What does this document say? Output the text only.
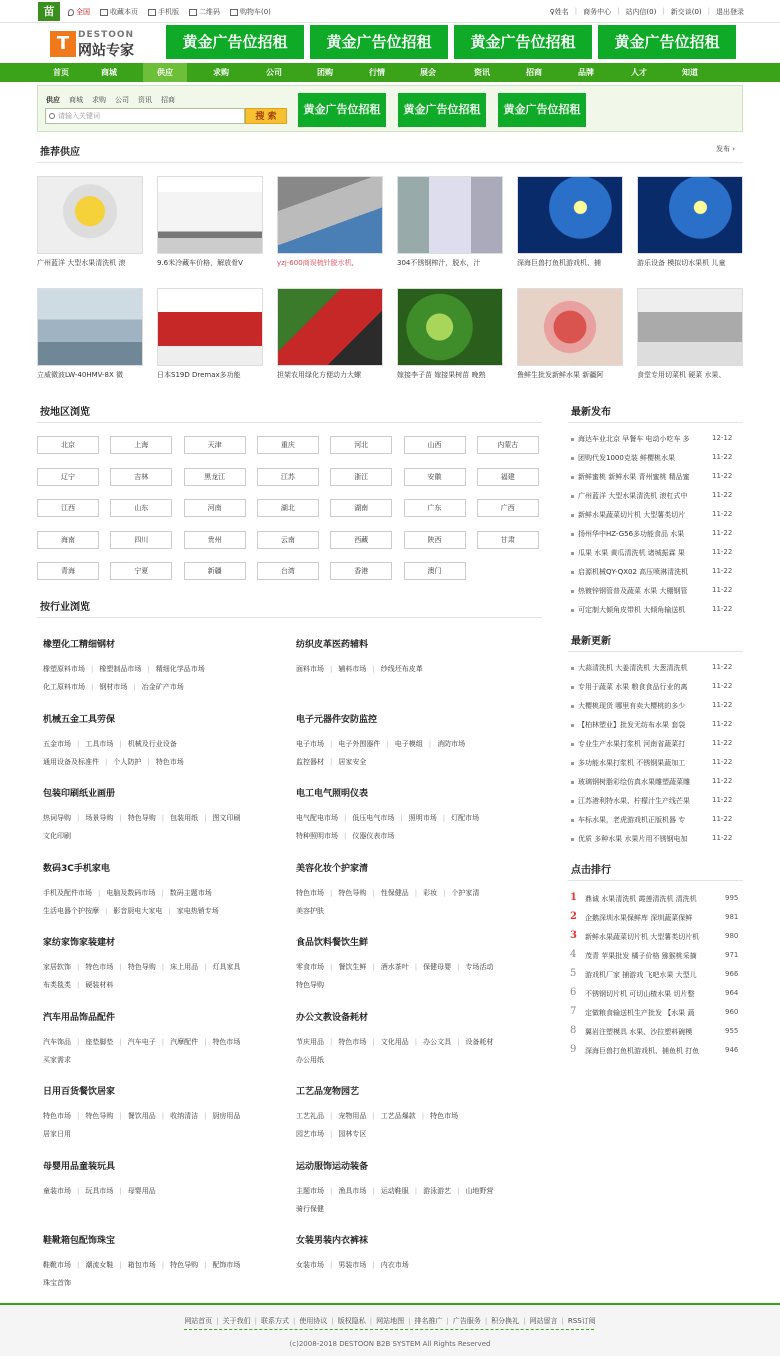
苗	全国	收藏本页	手机版	二维码	购物车(0)	♀姓名 | 商务中心 | 站内信(0) | 新交谈(0) | 退出登录
T DESTOON
网站专家	黄金广告位招租	黄金广告位招租	黄金广告位招租	黄金广告位招租
首页	商城	供应	求购	公司	团购	行情	展会	资讯	招商	品牌	人才	知道
供应 商城 求购 公司 资讯 招商
请输入关键词	搜 索
黄金广告位招租	黄金广告位招租	黄金广告位招租
推荐供应	发布 ›
广州蓝洋 大型水果清洗机 滚	9.6米冷藏车价格，解放骨V	yzj-600商误梳针脱水机,	304不锈钢榨汁，脱水，汁	深海巨兽打鱼机游戏机、捕	游乐设备 模拟切水果机 儿童
立威微波LW-40HMV-8X 微	日本S19D Dremax多功能	担架农用绿化方便动力大螺	嫁接李子苗 嫁接果树苗 晚熟	鲁鲜生批发新鲜水果 新疆阿	食堂专用切菜机 硬菜 水果、
按地区浏览
北京	上海	天津	重庆	河北	山西	内蒙古
辽宁	吉林	黑龙江	江苏	浙江	安徽	福建
江西	山东	河南	湖北	湖南	广东	广西
海南	四川	贵州	云南	西藏	陕西	甘肃
青海	宁夏	新疆	台湾	香港	澳门
按行业浏览
橡塑化工精细钢材
橡塑原料市场 | 橡塑制品市场 | 精细化学品市场
化工原料市场 | 钢材市场 | 冶金矿产市场
纺织皮革医药辅料
面料市场 | 辅料市场 | 纱线坯布皮革
机械五金工具劳保
五金市场 | 工具市场 | 机械及行业设备
通用设备及标准件 | 个人防护 | 特色市场
电子元器件安防监控
电子市场 | 电子外围器件 | 电子模组 | 消防市场
监控器材 | 居家安全
包装印刷纸业画册
热词导购 | 场景导购 | 特色导购 | 包装用纸 | 图文印刷
文化印刷
电工电气照明仪表
电气配电市场 | 低压电气市场 | 照明市场 | 灯配市场
特种照明市场 | 仪器仪表市场
数码3C手机家电
手机及配件市场 | 电脑及数码市场 | 数码主题市场
生活电器个护按摩 | 影音厨电大家电 | 家电热销专场
美容化妆个护家清
特色市场 | 特色导购 | 性保健品 | 彩妆 | 个护家清
美容护肤
家纺家饰家装建材
家居软饰 | 特色市场 | 特色导购 | 床上用品 | 灯具家具
布类毯类 | 硬装材料
食品饮料餐饮生鲜
零食市场 | 餐饮生鲜 | 酒水茶叶 | 保健母婴 | 专场活动
特色导购
汽车用品饰品配件
汽车饰品 | 座垫脚垫 | 汽车电子 | 汽摩配件 | 特色市场
买家需求
办公文教设备耗材
节庆用品 | 特色市场 | 文化用品 | 办公文具 | 设备耗材
办公用纸
日用百货餐饮居家
特色市场 | 特色导购 | 餐饮用品 | 收纳清洁 | 厨房用品
居家日用
工艺品宠物园艺
工艺礼品 | 宠物用品 | 工艺品爆款 | 特色市场
园艺市场 | 园林专区
母婴用品童装玩具
童装市场 | 玩具市场 | 母婴用品
运动服饰运动装备
主题市场 | 渔具市场 | 运动鞋服 | 游泳游艺 | 山地野营
骑行保健
鞋靴箱包配饰珠宝
鞋靴市场 | 潮流女鞋 | 箱包市场 | 特色导购 | 配饰市场
珠宝首饰
女装男装内衣裤袜
女装市场 | 男装市场 | 内衣市场
最新发布
海达车业北京 早餐车 电动小吃车 多	12-12
团购代发1000克装 鲜樱桃水果	11-22
新鲜蜜桃 新鲜水果 青州蜜桃 精品蜜	11-22
广州蓝洋 大型水果清洗机 滚杠式中	11-22
新鲜水果蔬菜切片机 大型薯类切片	11-22
扬州华中HZ-G56多功能食品 水果	11-22
瓜果 水果 黄瓜清洗机 诸城振霖 果	11-22
启源机械QY-QX02 高压喷淋清洗机	11-22
热镀锌钢管普及蔬菜 水果 大棚钢管	11-22
可定制大倾角皮带机 大倾角输送机	11-22
最新更新
大蒜清洗机 大姜清洗机 大葱清洗机	11-22
专用于蔬菜 水果 粮食食品行业的离	11-22
大樱桃现货 哪里有卖大樱桃的多少	11-22
【柏林塑业】批发无纺布水果 套袋	11-22
专业生产水果打浆机 河南省蔬菜打	11-22
多功能水果打浆机 不锈钢果蔬加工	11-22
玻璃钢树脂彩绘仿真水果雕塑蔬菜雕	11-22
江苏港利特水果、柠檬汁生产线芒果	11-22
车标水果，老虎游戏机正版机器 专	11-22
优质 多种水果 水果片用不锈钢电加	11-22
点击排行
1	鼎诚 水果清洗机 霞莲清洗机 清洗机	995
2	企鹅深圳水果保鲜库 深圳蔬菜保鲜	981
3	新鲜水果蔬菜切片机 大型薯类切片机	980
4	茂青 苹果批发 橘子价格 猕猴桃采摘	971
5	游戏机厂家 捕游戏 飞吧水果 大型儿	966
6	不锈钢切片机 可切山楂水果 切片整	964
7	定做粮食输送机生产批发 【水果 蔬	960
8	翼岩注塑模具 水果、沙拉塑料碗模	955
9	深海巨兽打鱼机游戏机、捕鱼机 打鱼	946
网站首页 | 关于我们 | 联系方式 | 使用协议 | 版权隐私 | 网站地图 | 排名推广 | 广告服务 | 积分换礼 | 网站留言 | RSS订阅
(c)2008-2018 DESTOON B2B SYSTEM All Rights Reserved
